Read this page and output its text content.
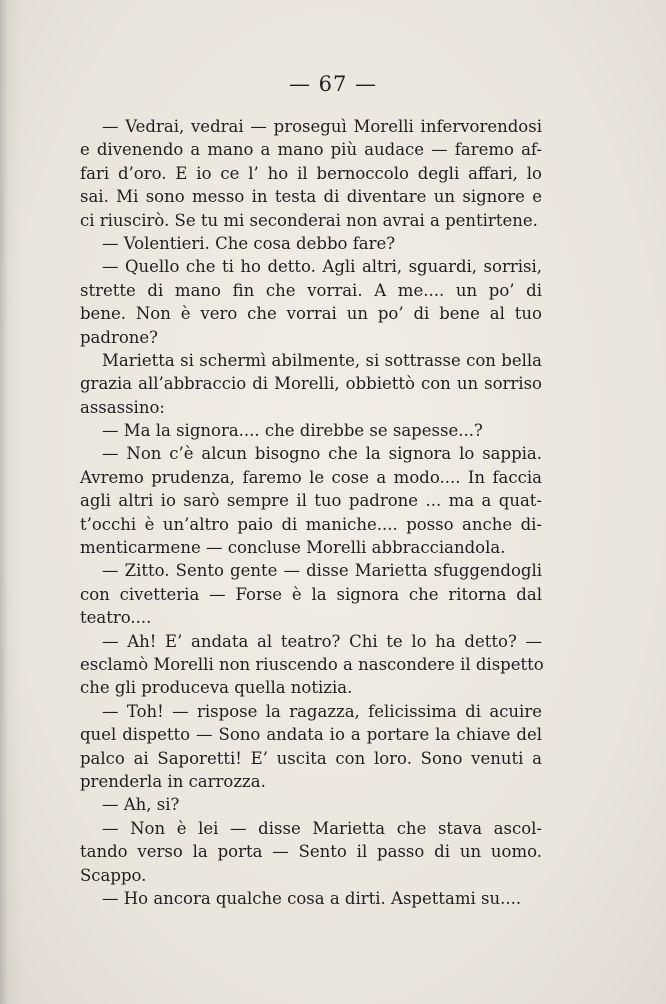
— 67 —
— Vedrai, vedrai — proseguì Morelli infervorendosi
e divenendo a mano a mano più audace — faremo af-
fari d’oro. E io ce l’ ho il bernoccolo degli affari, lo
sai. Mi sono messo in testa di diventare un signore e
ci riuscirò. Se tu mi seconderai non avrai a pentirtene.
— Volentieri. Che cosa debbo fare?
— Quello che ti ho detto. Agli altri, sguardi, sorrisi,
strette di mano fin che vorrai. A me.... un po’ di
bene. Non è vero che vorrai un po’ di bene al tuo
padrone?
Marietta si schermì abilmente, si sottrasse con bella
grazia all’abbraccio di Morelli, obbiettò con un sorriso
assassino:
— Ma la signora.... che direbbe se sapesse...?
— Non c’è alcun bisogno che la signora lo sappia.
Avremo prudenza, faremo le cose a modo.... In faccia
agli altri io sarò sempre il tuo padrone ... ma a quat-
t’occhi è un’altro paio di maniche.... posso anche di-
menticarmene — concluse Morelli abbracciandola.
— Zitto. Sento gente — disse Marietta sfuggendogli
con civetteria — Forse è la signora che ritorna dal
teatro....
— Ah! E’ andata al teatro? Chi te lo ha detto? —
esclamò Morelli non riuscendo a nascondere il dispetto
che gli produceva quella notizia.
— Toh! — rispose la ragazza, felicissima di acuire
quel dispetto — Sono andata io a portare la chiave del
palco ai Saporetti! E’ uscita con loro. Sono venuti a
prenderla in carrozza.
— Ah, si?
— Non è lei — disse Marietta che stava ascol-
tando verso la porta — Sento il passo di un uomo.
Scappo.
— Ho ancora qualche cosa a dirti. Aspettami su....
